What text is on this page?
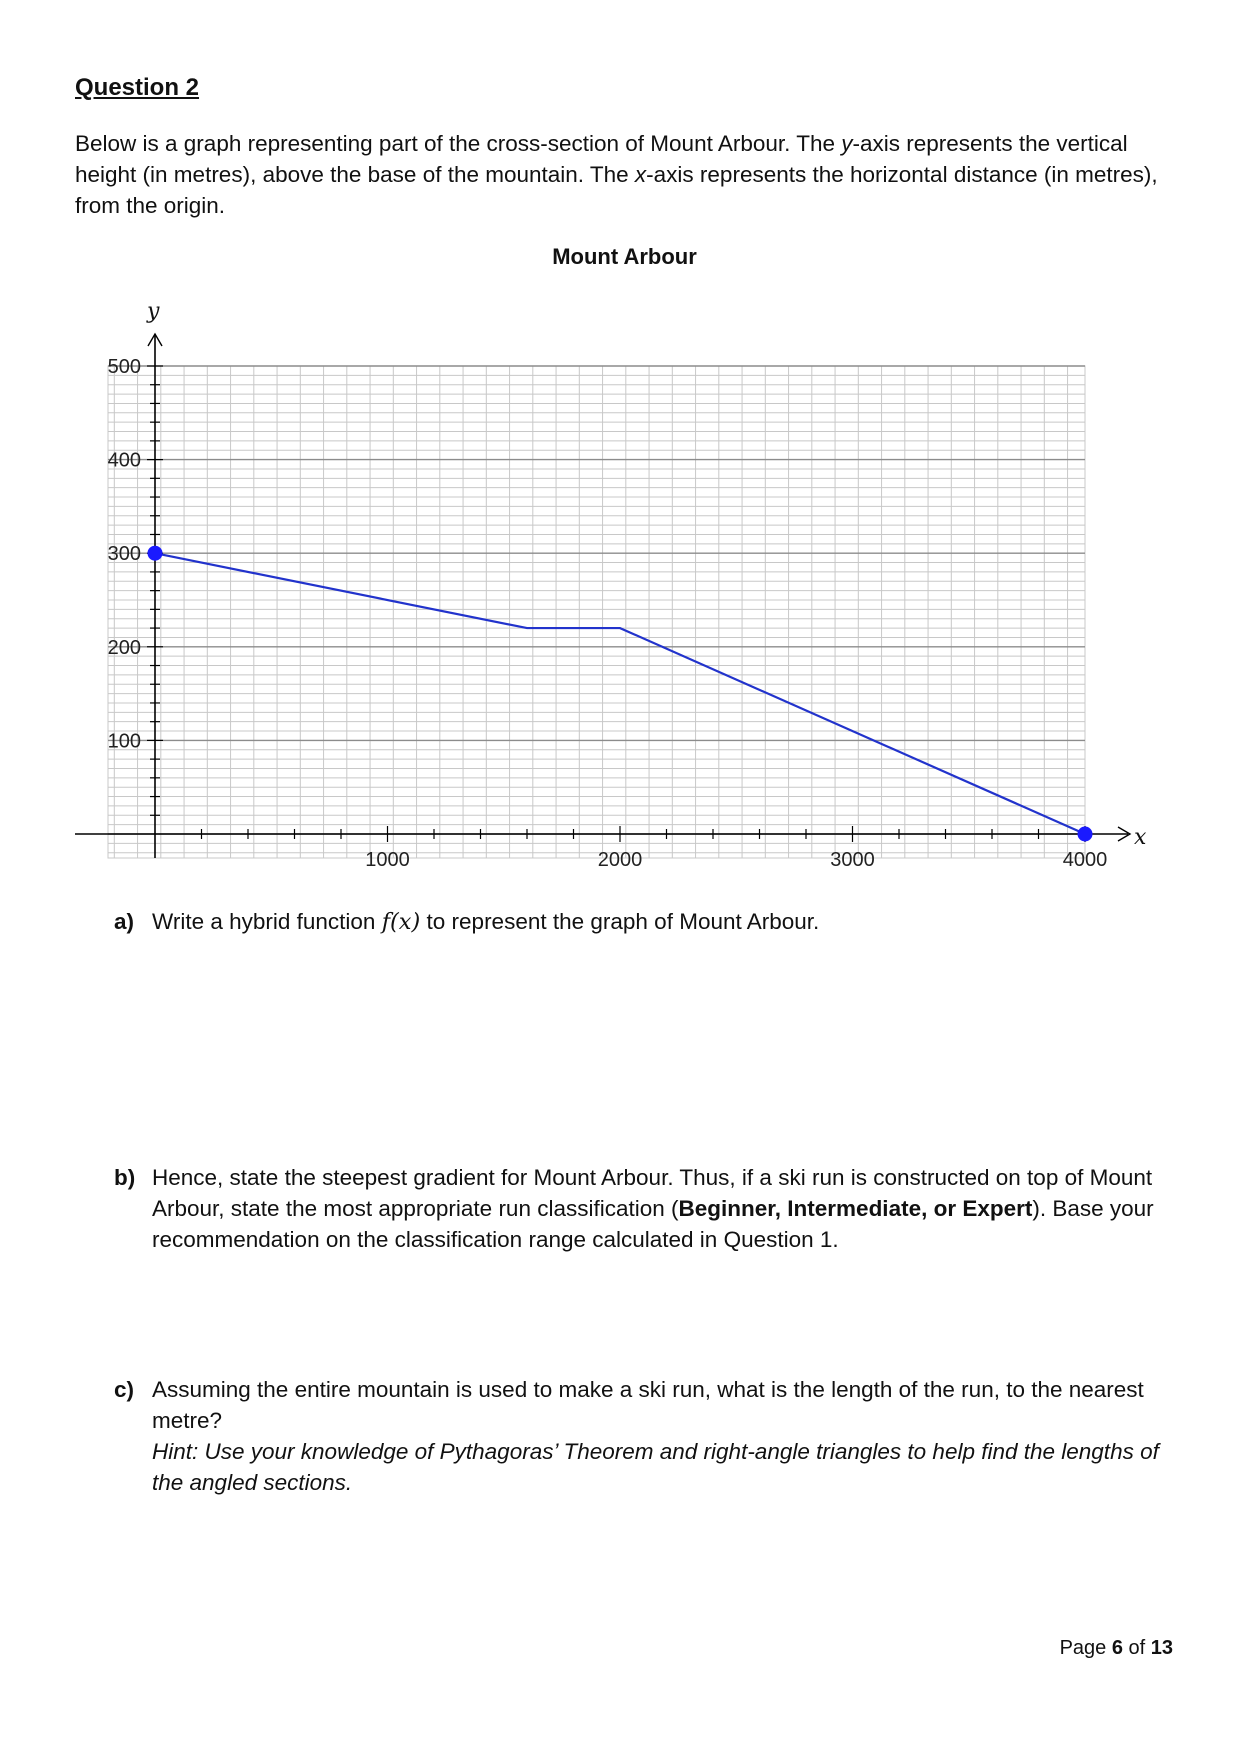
Question 2

Below is a graph representing part of the cross-section of Mount Arbour. The y-axis represents the vertical height (in metres), above the base of the mountain. The x-axis represents the horizontal distance (in metres), from the origin.

Mount Arbour
x
y
1000	2000	3000	4000
100
200
300
400
500
a) Write a hybrid function f(x) to represent the graph of Mount Arbour.
b) Hence, state the steepest gradient for Mount Arbour. Thus, if a ski run is constructed on top of Mount Arbour, state the most appropriate run classification (Beginner, Intermediate, or Expert). Base your recommendation on the classification range calculated in Question 1.
c) Assuming the entire mountain is used to make a ski run, what is the length of the run, to the nearest metre?
Hint: Use your knowledge of Pythagoras’ Theorem and right-angle triangles to help find the lengths of the angled sections.
Page 6 of 13
